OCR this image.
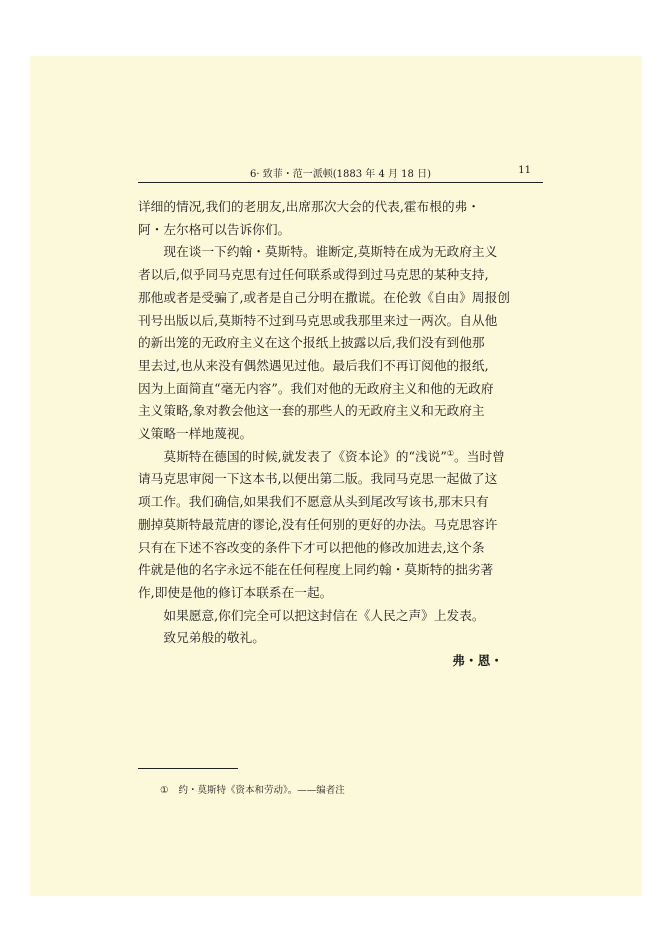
6· 致菲・范一派顿(1883 年 4 月 18 日)	11

详细的情况,我们的老朋友,出席那次大会的代表,霍布根的弗・
阿・左尔格可以告诉你们。

现在谈一下约翰・莫斯特。谁断定,莫斯特在成为无政府主义
者以后,似乎同马克思有过任何联系或得到过马克思的某种支持,
那他或者是受骗了,或者是自己分明在撒谎。在伦敦《自由》周报创
刊号出版以后,莫斯特不过到马克思或我那里来过一两次。自从他
的新出笼的无政府主义在这个报纸上披露以后,我们没有到他那
里去过,也从来没有偶然遇见过他。最后我们不再订阅他的报纸,
因为上面简直“毫无内容”。我们对他的无政府主义和他的无政府
主义策略,象对教会他这一套的那些人的无政府主义和无政府主
义策略一样地蔑视。

莫斯特在德国的时候,就发表了《资本论》的“浅说”①。当时曾
请马克思审阅一下这本书,以便出第二版。我同马克思一起做了这
项工作。我们确信,如果我们不愿意从头到尾改写该书,那末只有
删掉莫斯特最荒唐的谬论,没有任何别的更好的办法。马克思容许
只有在下述不容改变的条件下才可以把他的修改加进去,这个条
件就是他的名字永远不能在任何程度上同约翰・莫斯特的拙劣著
作,即使是他的修订本联系在一起。

如果愿意,你们完全可以把这封信在《人民之声》上发表。

致兄弟般的敬礼。

弗・恩・

① 约・莫斯特《资本和劳动》。——编者注
